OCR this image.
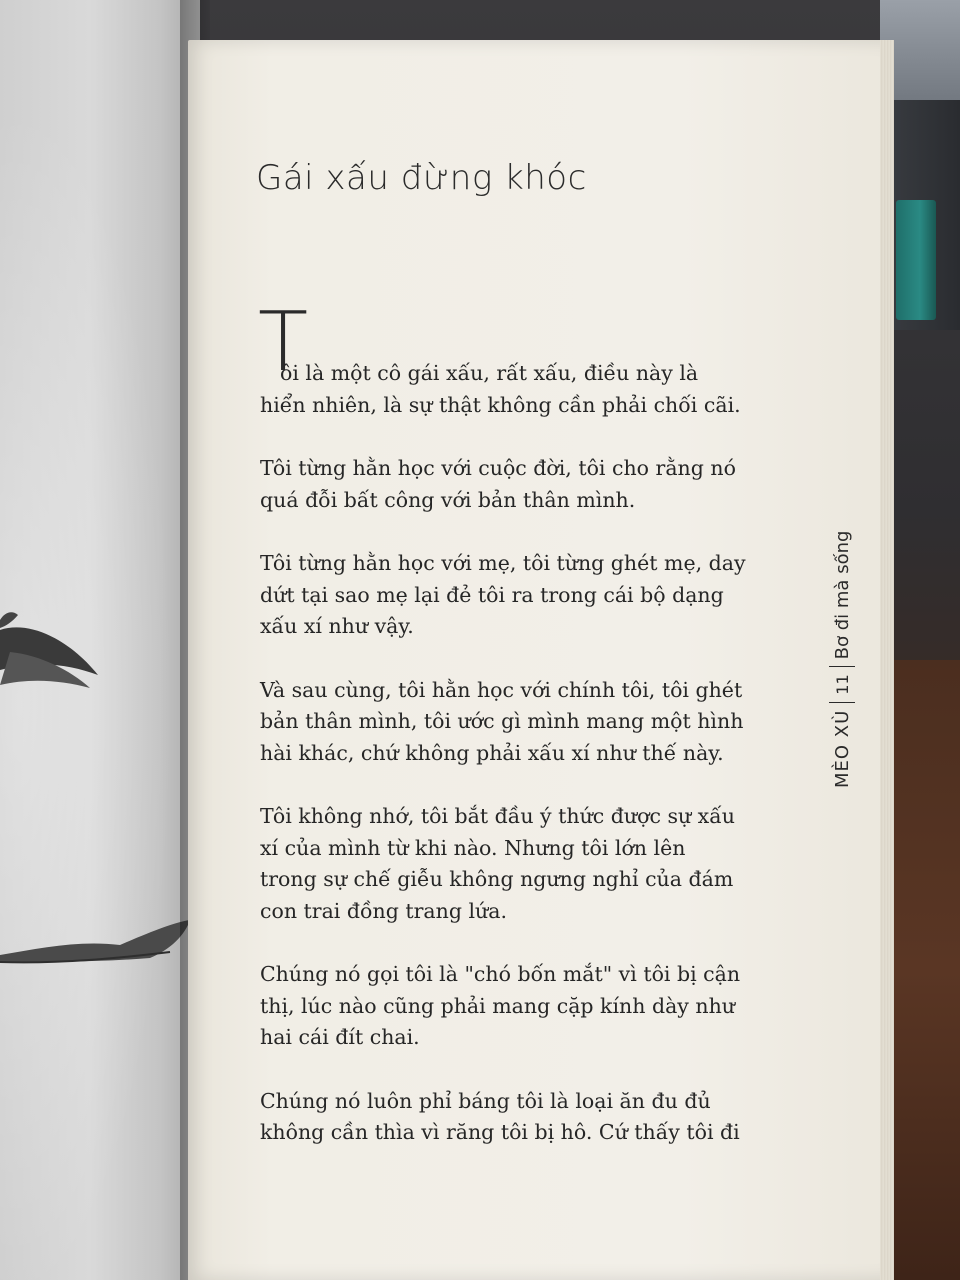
Gái xấu đừng khóc
T

ôi là một cô gái xấu, rất xấu, điều này là
hiển nhiên, là sự thật không cần phải chối cãi.

Tôi từng hằn học với cuộc đời, tôi cho rằng nó
quá đỗi bất công với bản thân mình.

Tôi từng hằn học với mẹ, tôi từng ghét mẹ, day
dứt tại sao mẹ lại đẻ tôi ra trong cái bộ dạng
xấu xí như vậy.

Và sau cùng, tôi hằn học với chính tôi, tôi ghét
bản thân mình, tôi ước gì mình mang một hình
hài khác, chứ không phải xấu xí như thế này.

Tôi không nhớ, tôi bắt đầu ý thức được sự xấu
xí của mình từ khi nào. Nhưng tôi lớn lên
trong sự chế giễu không ngưng nghỉ của đám
con trai đồng trang lứa.

Chúng nó gọi tôi là "chó bốn mắt" vì tôi bị cận
thị, lúc nào cũng phải mang cặp kính dày như
hai cái đít chai.

Chúng nó luôn phỉ báng tôi là loại ăn đu đủ
không cần thìa vì răng tôi bị hô. Cứ thấy tôi đi

MÈO XÙ
11
Bơ đi mà sống
